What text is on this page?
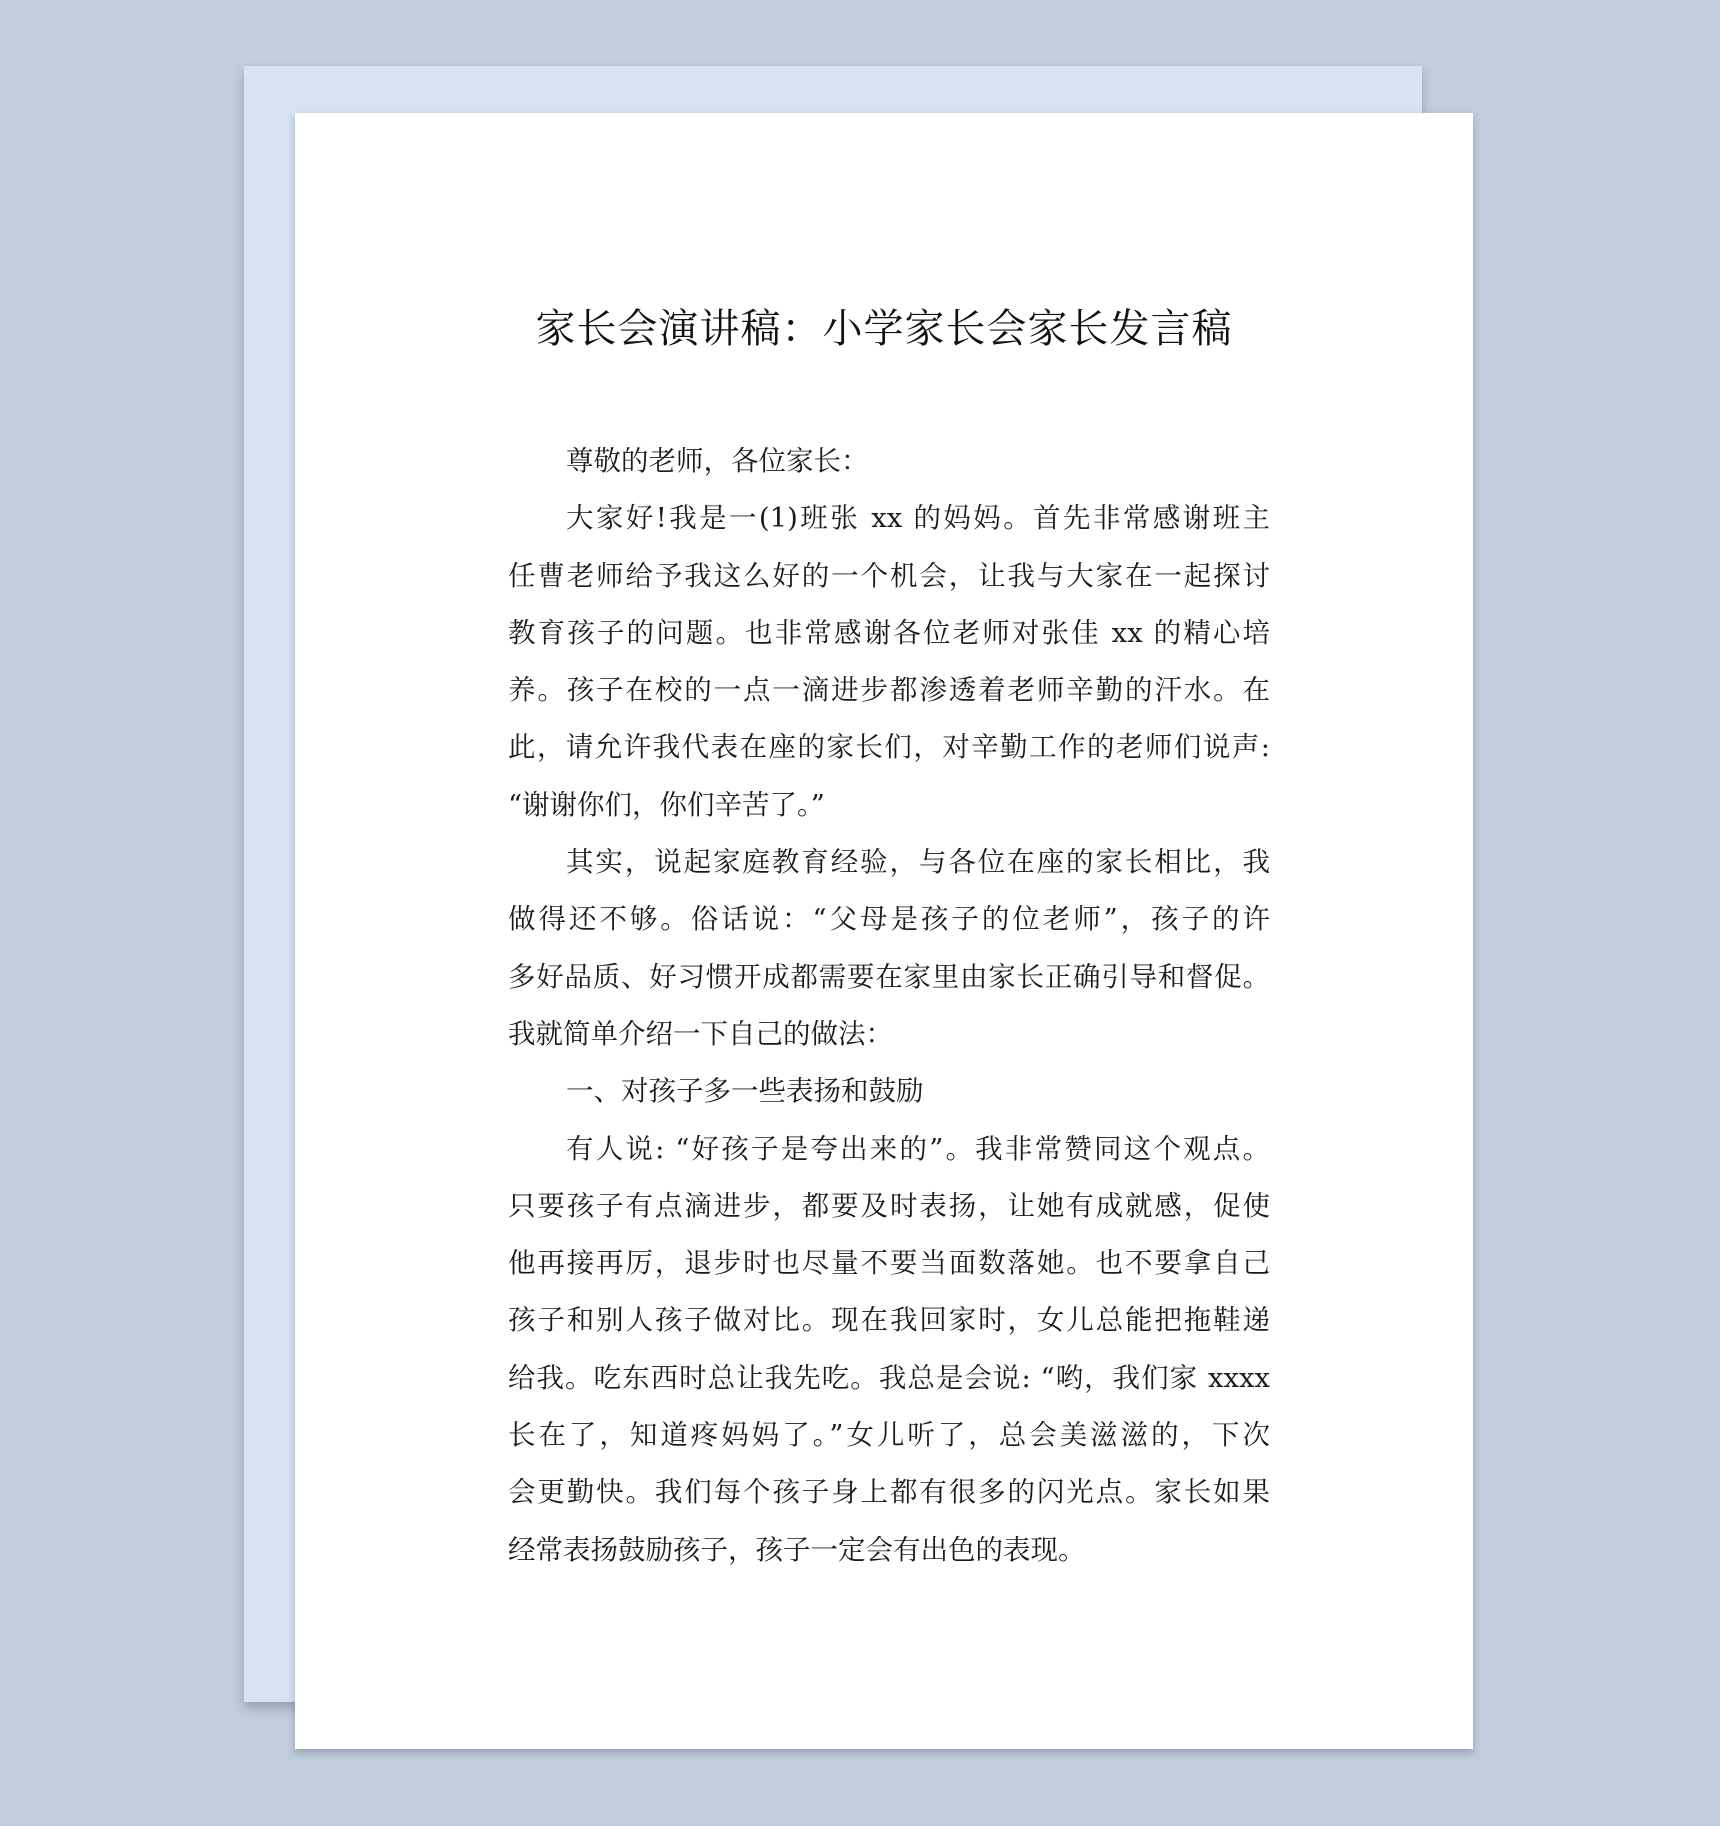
家长会演讲稿：小学家长会家长发言稿
尊敬的老师，各位家长：
大家好!我是一(1)班张 xx 的妈妈。首先非常感谢班主
任曹老师给予我这么好的一个机会，让我与大家在一起探讨
教育孩子的问题。也非常感谢各位老师对张佳 xx 的精心培
养。孩子在校的一点一滴进步都渗透着老师辛勤的汗水。在
此，请允许我代表在座的家长们，对辛勤工作的老师们说声:
“谢谢你们，你们辛苦了。”
其实，说起家庭教育经验，与各位在座的家长相比，我
做得还不够。俗话说：“父母是孩子的位老师”，孩子的许
多好品质、好习惯开成都需要在家里由家长正确引导和督促。
我就简单介绍一下自己的做法：
一、对孩子多一些表扬和鼓励
有人说: “好孩子是夸出来的”。我非常赞同这个观点。
只要孩子有点滴进步，都要及时表扬，让她有成就感，促使
他再接再厉，退步时也尽量不要当面数落她。也不要拿自己
孩子和别人孩子做对比。现在我回家时，女儿总能把拖鞋递
给我。吃东西时总让我先吃。我总是会说: “哟，我们家 xxxx
长在了，知道疼妈妈了。”女儿听了，总会美滋滋的，下次
会更勤快。我们每个孩子身上都有很多的闪光点。家长如果
经常表扬鼓励孩子，孩子一定会有出色的表现。
